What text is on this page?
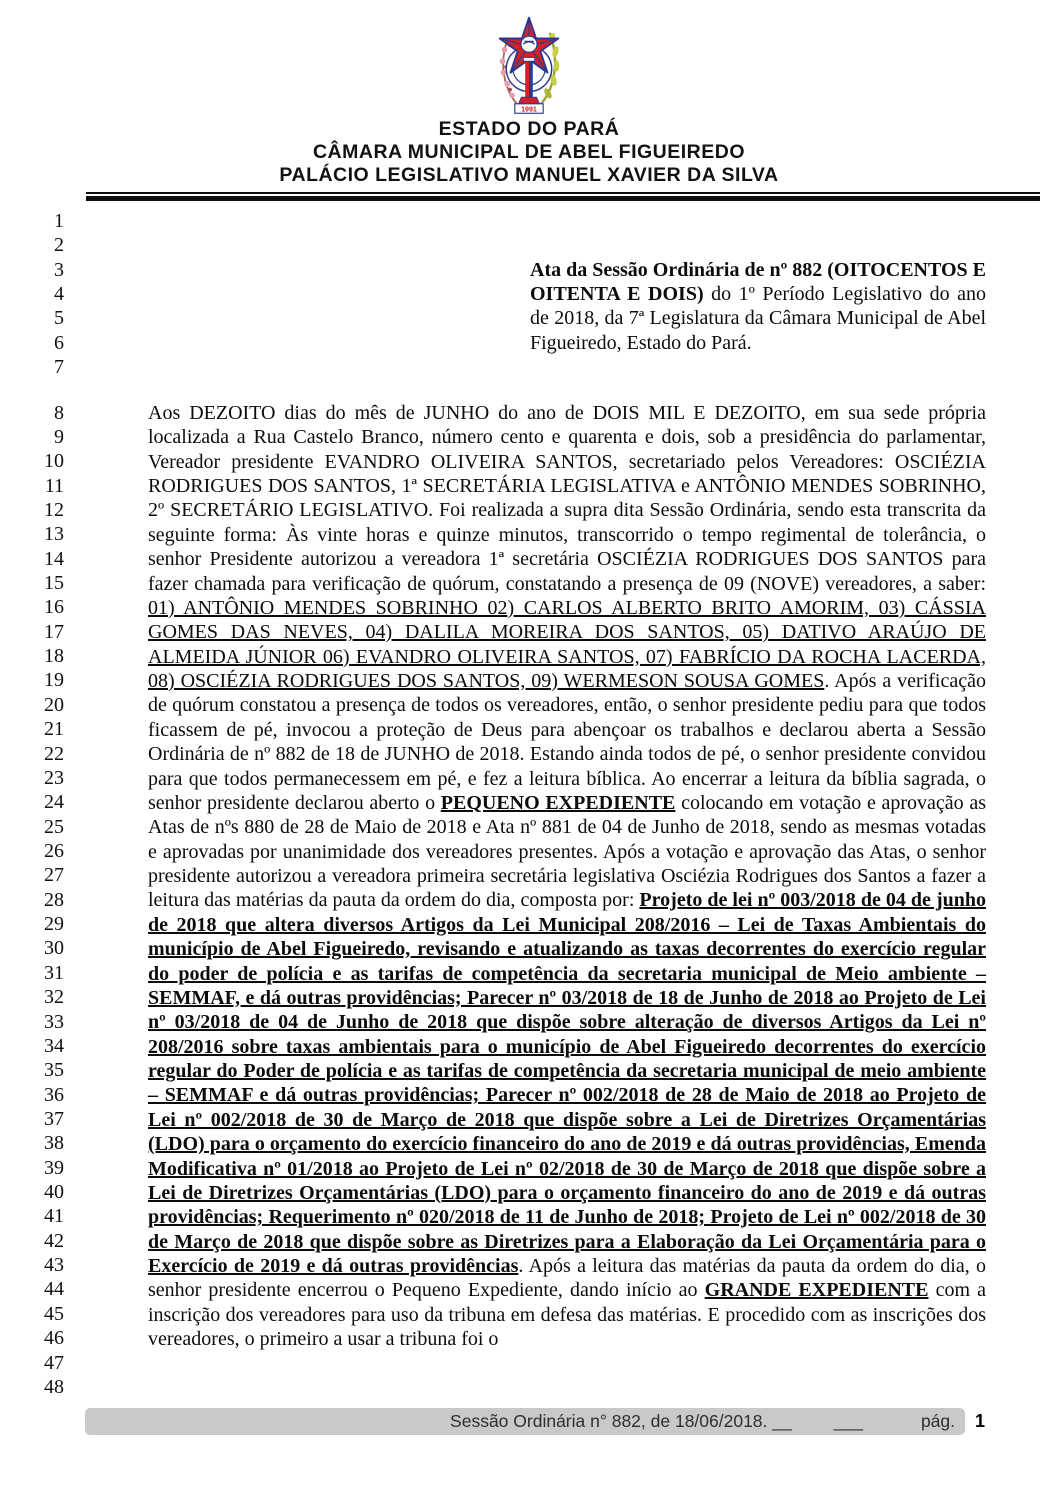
1991
ESTADO DO PARÁ
CÂMARA MUNICIPAL DE ABEL FIGUEIREDO
PALÁCIO LEGISLATIVO MANUEL XAVIER DA SILVA
1
2
3
4
5
6
7
8
9
10
11
12
13
14
15
16
17
18
19
20
21
22
23
24
25
26
27
28
29
30
31
32
33
34
35
36
37
38
39
40
41
42
43
44
45
46
47
48
Ata da Sessão Ordinária de nº 882 (OITOCENTOS E OITENTA E DOIS) do 1º Período Legislativo do ano de 2018, da 7ª Legislatura da Câmara Municipal de Abel Figueiredo, Estado do Pará.
Aos DEZOITO dias do mês de JUNHO do ano de DOIS MIL E DEZOITO, em sua sede própria localizada a Rua Castelo Branco, número cento e quarenta e dois, sob a presidência do parlamentar, Vereador presidente EVANDRO OLIVEIRA SANTOS, secretariado pelos Vereadores: OSCIÉZIA RODRIGUES DOS SANTOS, 1ª SECRETÁRIA LEGISLATIVA e ANTÔNIO MENDES SOBRINHO, 2º SECRETÁRIO LEGISLATIVO. Foi realizada a supra dita Sessão Ordinária, sendo esta transcrita da seguinte forma: Às vinte horas e quinze minutos, transcorrido o tempo regimental de tolerância, o senhor Presidente autorizou a vereadora 1ª secretária OSCIÉZIA RODRIGUES DOS SANTOS para fazer chamada para verificação de quórum, constatando a presença de 09 (NOVE) vereadores, a saber: 01) ANTÔNIO MENDES SOBRINHO 02) CARLOS ALBERTO BRITO AMORIM, 03) CÁSSIA GOMES DAS NEVES, 04) DALILA MOREIRA DOS SANTOS, 05) DATIVO ARAÚJO DE ALMEIDA JÚNIOR 06) EVANDRO OLIVEIRA SANTOS, 07) FABRÍCIO DA ROCHA LACERDA, 08) OSCIÉZIA RODRIGUES DOS SANTOS, 09) WERMESON SOUSA GOMES. Após a verificação de quórum constatou a presença de todos os vereadores, então, o senhor presidente pediu para que todos ficassem de pé, invocou a proteção de Deus para abençoar os trabalhos e declarou aberta a Sessão Ordinária de nº 882 de 18 de JUNHO de 2018. Estando ainda todos de pé, o senhor presidente convidou para que todos permanecessem em pé, e fez a leitura bíblica. Ao encerrar a leitura da bíblia sagrada, o senhor presidente declarou aberto o PEQUENO EXPEDIENTE colocando em votação e aprovação as Atas de nºs 880 de 28 de Maio de 2018 e Ata nº 881 de 04 de Junho de 2018, sendo as mesmas votadas e aprovadas por unanimidade dos vereadores presentes. Após a votação e aprovação das Atas, o senhor presidente autorizou a vereadora primeira secretária legislativa Osciézia Rodrigues dos Santos a fazer a leitura das matérias da pauta da ordem do dia, composta por: Projeto de lei nº 003/2018 de 04 de junho de 2018 que altera diversos Artigos da Lei Municipal 208/2016 – Lei de Taxas Ambientais do município de Abel Figueiredo, revisando e atualizando as taxas decorrentes do exercício regular do poder de polícia e as tarifas de competência da secretaria municipal de Meio ambiente – SEMMAF, e dá outras providências; Parecer nº 03/2018 de 18 de Junho de 2018 ao Projeto de Lei nº 03/2018 de 04 de Junho de 2018 que dispõe sobre alteração de diversos Artigos da Lei nº 208/2016 sobre taxas ambientais para o município de Abel Figueiredo decorrentes do exercício regular do Poder de polícia e as tarifas de competência da secretaria municipal de meio ambiente – SEMMAF e dá outras providências; Parecer nº 002/2018 de 28 de Maio de 2018 ao Projeto de Lei nº 002/2018 de 30 de Março de 2018 que dispõe sobre a Lei de Diretrizes Orçamentárias (LDO) para o orçamento do exercício financeiro do ano de 2019 e dá outras providências, Emenda Modificativa nº 01/2018 ao Projeto de Lei nº 02/2018 de 30 de Março de 2018 que dispõe sobre a Lei de Diretrizes Orçamentárias (LDO) para o orçamento financeiro do ano de 2019 e dá outras providências; Requerimento nº 020/2018 de 11 de Junho de 2018; Projeto de Lei nº 002/2018 de 30 de Março de 2018 que dispõe sobre as Diretrizes para a Elaboração da Lei Orçamentária para o Exercício de 2019 e dá outras providências. Após a leitura das matérias da pauta da ordem do dia, o senhor presidente encerrou o Pequeno Expediente, dando início ao GRANDE EXPEDIENTE com a inscrição dos vereadores para uso da tribuna em defesa das matérias. E procedido com as inscrições dos vereadores, o primeiro a usar a tribuna foi o
Sessão Ordinária n° 882, de 18/06/2018. __ ___	pág. 1
